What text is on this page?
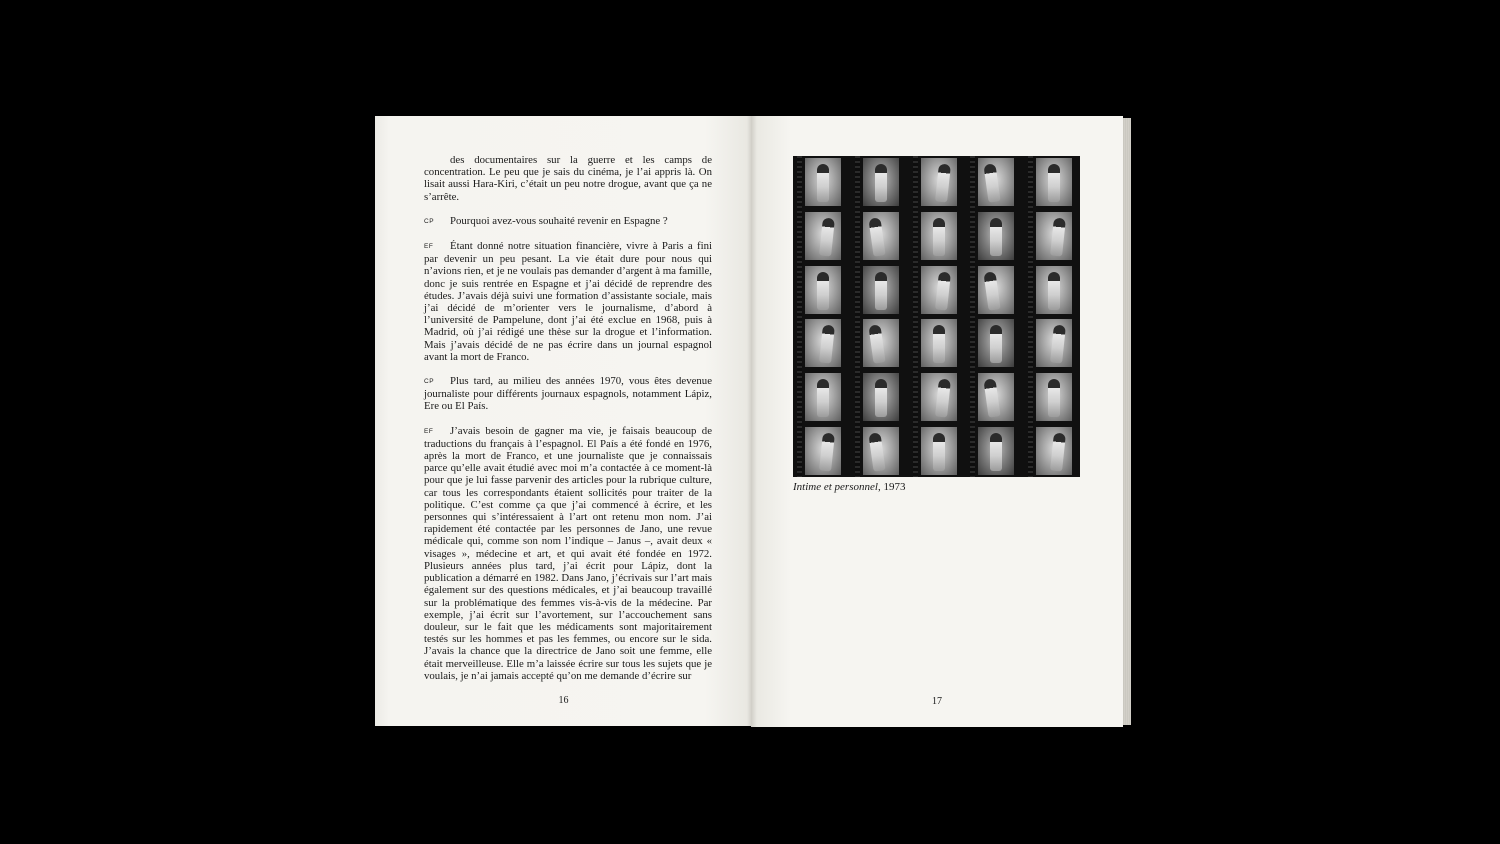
des documentaires sur la guerre et les camps de concentration. Le peu que je sais du cinéma, je l’ai appris là. On lisait aussi Hara-Kiri, c’était un peu notre drogue, avant que ça ne s’arrête.

CP Pourquoi avez-vous souhaité revenir en Espagne ?

EF Étant donné notre situation financière, vivre à Paris a fini par devenir un peu pesant. La vie était dure pour nous qui n’avions rien, et je ne voulais pas demander d’argent à ma famille, donc je suis rentrée en Espagne et j’ai décidé de reprendre des études. J’avais déjà suivi une formation d’assistante sociale, mais j’ai décidé de m’orienter vers le journalisme, d’abord à l’université de Pampelune, dont j’ai été exclue en 1968, puis à Madrid, où j’ai rédigé une thèse sur la drogue et l’information. Mais j’avais décidé de ne pas écrire dans un journal espagnol avant la mort de Franco.

CP Plus tard, au milieu des années 1970, vous êtes devenue journaliste pour différents journaux espagnols, notamment Lápiz, Ere ou El País.

EF J’avais besoin de gagner ma vie, je faisais beaucoup de traductions du français à l’espagnol. El País a été fondé en 1976, après la mort de Franco, et une journaliste que je connaissais parce qu’elle avait étudié avec moi m’a contactée à ce moment-là pour que je lui fasse parvenir des articles pour la rubrique culture, car tous les correspondants étaient sollicités pour traiter de la politique. C’est comme ça que j’ai commencé à écrire, et les personnes qui s’intéressaient à l’art ont retenu mon nom. J’ai rapidement été contactée par les personnes de Jano, une revue médicale qui, comme son nom l’indique – Janus –, avait deux « visages », médecine et art, et qui avait été fondée en 1972. Plusieurs années plus tard, j’ai écrit pour Lápiz, dont la publication a démarré en 1982. Dans Jano, j’écrivais sur l’art mais également sur des questions médicales, et j’ai beaucoup travaillé sur la problématique des femmes vis-à-vis de la médecine. Par exemple, j’ai écrit sur l’avortement, sur l’accouchement sans douleur, sur le fait que les médicaments sont majoritairement testés sur les hommes et pas les femmes, ou encore sur le sida. J’avais la chance que la directrice de Jano soit une femme, elle était merveilleuse. Elle m’a laissée écrire sur tous les sujets que je voulais, je n’ai jamais accepté qu’on me demande d’écrire sur

16
Intime et personnel, 1973
17
